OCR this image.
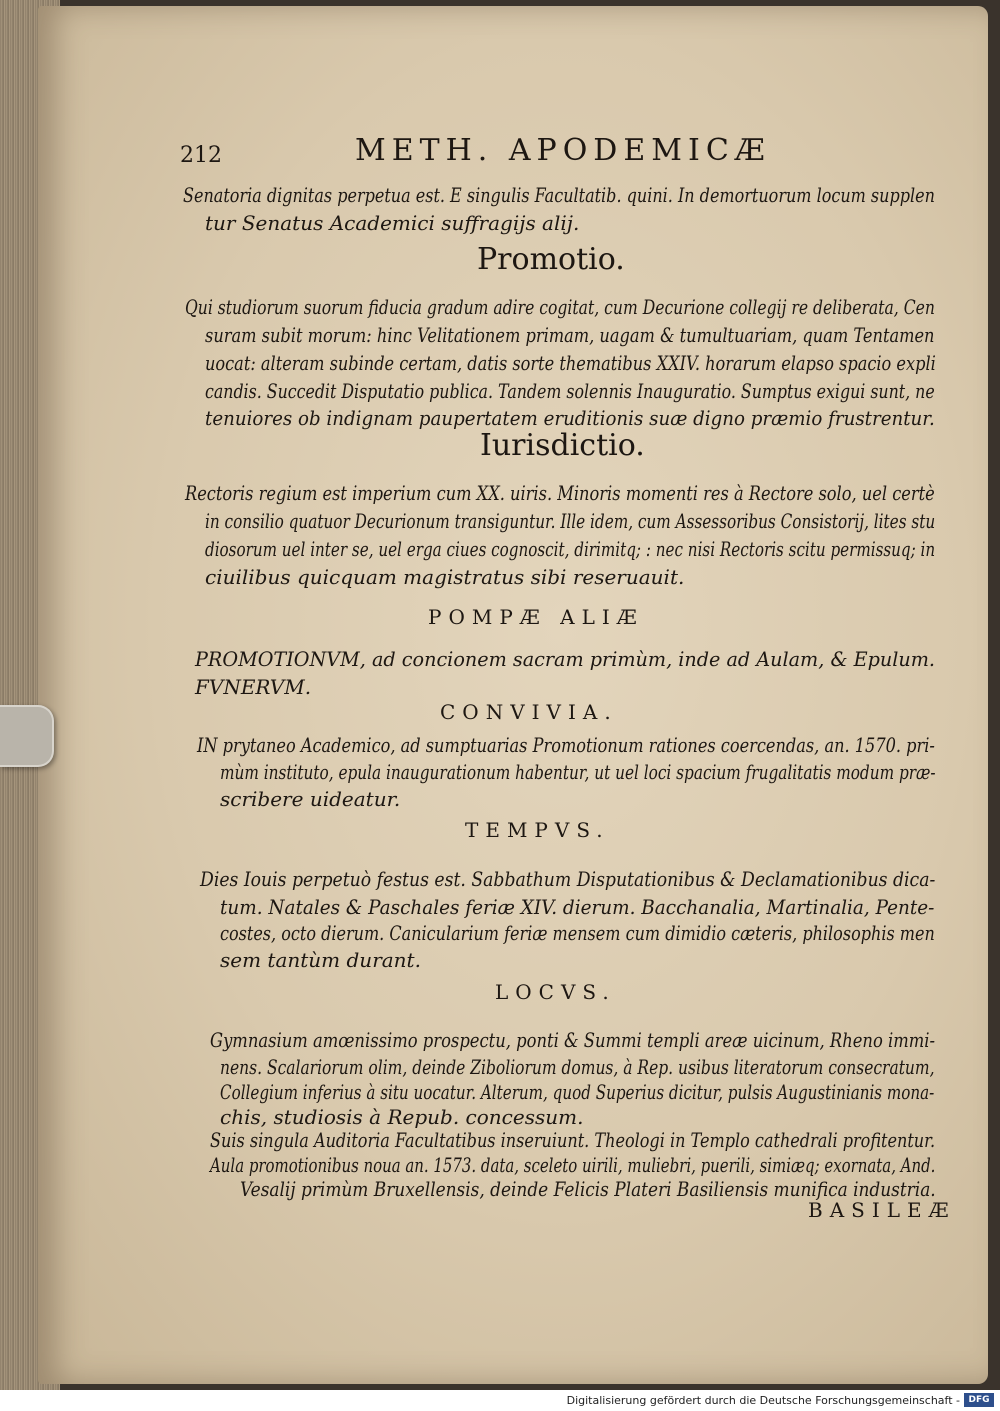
212	METH. APODEMICÆ
Senatoria dignitas perpetua est. E singulis Facultatib. quini. In demortuorum locum supplen
tur Senatus Academici suffragijs alij.
Promotio.
Qui studiorum suorum fiducia gradum adire cogitat, cum Decurione collegij re deliberata, Cen
suram subit morum: hinc Velitationem primam, uagam & tumultuariam, quam Tentamen
uocat: alteram subinde certam, datis sorte thematibus XXIV. horarum elapso spacio expli
candis. Succedit Disputatio publica. Tandem solennis Inauguratio. Sumptus exigui sunt, ne
tenuiores ob indignam paupertatem eruditionis suæ digno præmio frustrentur.
Iurisdictio.
Rectoris regium est imperium cum XX. uiris. Minoris momenti res à Rectore solo, uel certè
in consilio quatuor Decurionum transiguntur. Ille idem, cum Assessoribus Consistorij, lites stu
diosorum uel inter se, uel erga ciues cognoscit, dirimitq; : nec nisi Rectoris scitu permissuq; in
ciuilibus quicquam magistratus sibi reseruauit.
POMPÆ ALIÆ
PROMOTIONVM, ad concionem sacram primùm, inde ad Aulam, & Epulum.
FVNERVM.
CONVIVIA.
IN prytaneo Academico, ad sumptuarias Promotionum rationes coercendas, an. 1570. pri-
mùm instituto, epula inaugurationum habentur, ut uel loci spacium frugalitatis modum præ-
scribere uideatur.
TEMPVS.
Dies Iouis perpetuò festus est. Sabbathum Disputationibus & Declamationibus dica-
tum. Natales & Paschales feriæ XIV. dierum. Bacchanalia, Martinalia, Pente-
costes, octo dierum. Canicularium feriæ mensem cum dimidio cæteris, philosophis men
sem tantùm durant.
LOCVS.
Gymnasium amœnissimo prospectu, ponti & Summi templi areæ uicinum, Rheno immi-
nens. Scalariorum olim, deinde Ziboliorum domus, à Rep. usibus literatorum consecratum,
Collegium inferius à situ uocatur. Alterum, quod Superius dicitur, pulsis Augustinianis mona-
chis, studiosis à Repub. concessum.
Suis singula Auditoria Facultatibus inseruiunt. Theologi in Templo cathedrali profitentur.
Aula promotionibus noua an. 1573. data, sceleto uirili, muliebri, puerili, simiæq; exornata, And.
Vesalij primùm Bruxellensis, deinde Felicis Plateri Basiliensis munifica industria.
BASILEÆ
Digitalisierung gefördert durch die Deutsche Forschungsgemeinschaft - DFG
